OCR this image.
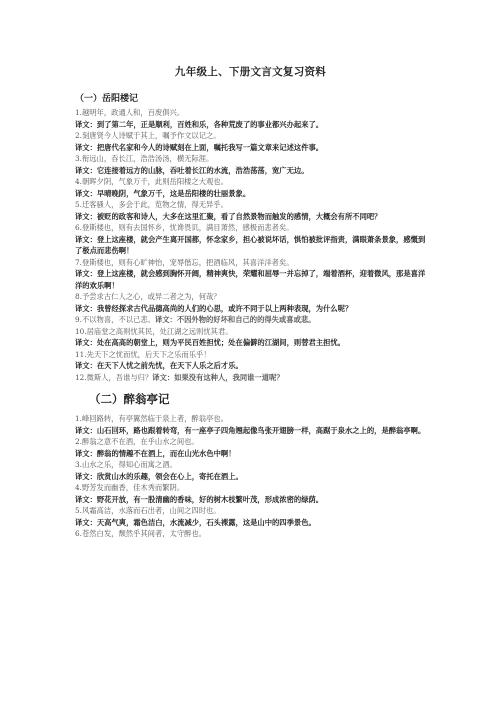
九年级上、下册文言文复习资料
（一）岳阳楼记
1.越明年，政通人和，百废俱兴。
译文：到了第二年，正是顺利，百姓和乐，各种荒废了的事业都兴办起来了。
2.刻唐贤今人诗赋于其上，嘱予作文以记之。
译文：把唐代名家和今人的诗赋刻在上面，嘱托我写一篇文章来记述这件事。
3.衔远山，吞长江，浩浩汤汤，横无际涯。
译文：它连接着远方的山脉，吞吐着长江的水流，浩浩荡荡，宽广无边。
4.朝晖夕阴，气象万千，此则岳阳楼之大观也。
译文：早晴晚阴，气象万千，这是岳阳楼的壮丽景象。
5.迁客骚人，多会于此，览物之情，得无异乎。
译文：被贬的政客和诗人，大多在这里汇聚，看了自然景物而触发的感情，大概会有所不同吧？
6.登斯楼也，则有去国怀乡，忧谗畏讥，满目萧然，感极而悲者矣。
译文：登上这座楼，就会产生离开国都，怀念家乡，担心被说坏话，惧怕被批评指责，满眼萧条景象，感慨到了极点而悲伤啊！
7.登斯楼也，则有心旷神怡，宠辱偕忘，把酒临风，其喜洋洋者矣。
译文：登上这座楼，就会感到胸怀开阔，精神爽快，荣耀和屈辱一并忘掉了，端着酒杯，迎着微风，那是喜洋洋的欢乐啊！
8.予尝求古仁人之心，或异二者之为，何哉？
译文：我曾经探求古代品德高尚的人们的心思，或许不同于以上两种表现，为什么呢？
9.不以物喜，不以己悲。译文：不因外物的好坏和自己的的得失或喜或悲。
10.居庙堂之高则忧其民，处江湖之远则忧其君。
译文：处在高高的朝堂上，则为平民百姓担忧；处在偏僻的江湖间，则替君主担忧。
11.先天下之忧而忧，后天下之乐而乐乎！
译文：在天下人忧之前先忧，在天下人乐之后才乐。
12.微斯人，吾谁与归？译文：如果没有这种人，我同谁一道呢？
（二）醉翁亭记
1.峰回路转，有亭翼然临于泉上者，醉翁亭也。
译文：山石回环，路也跟着转弯，有一座亭子四角翘起像鸟张开翅膀一样，高踞于泉水之上的，是醉翁亭啊。
2.醉翁之意不在酒，在乎山水之间也。
译文：醉翁的情趣不在酒上，而在山光水色中啊！
3.山水之乐，得知心而寓之酒。
译文：欣赏山水的乐趣，领会在心上，寄托在酒上。
4.野芳发而幽香，佳木秀而繁阴。
译文：野花开放，有一股清幽的香味，好的树木枝繁叶茂，形成浓密的绿荫。
5.风霜高洁，水落而石出者，山间之四时也。
译文：天高气爽，霜色洁白，水流减少，石头裸露，这是山中的四季景色。
6.苍然白发，颓然乎其间者，太守醉也。
